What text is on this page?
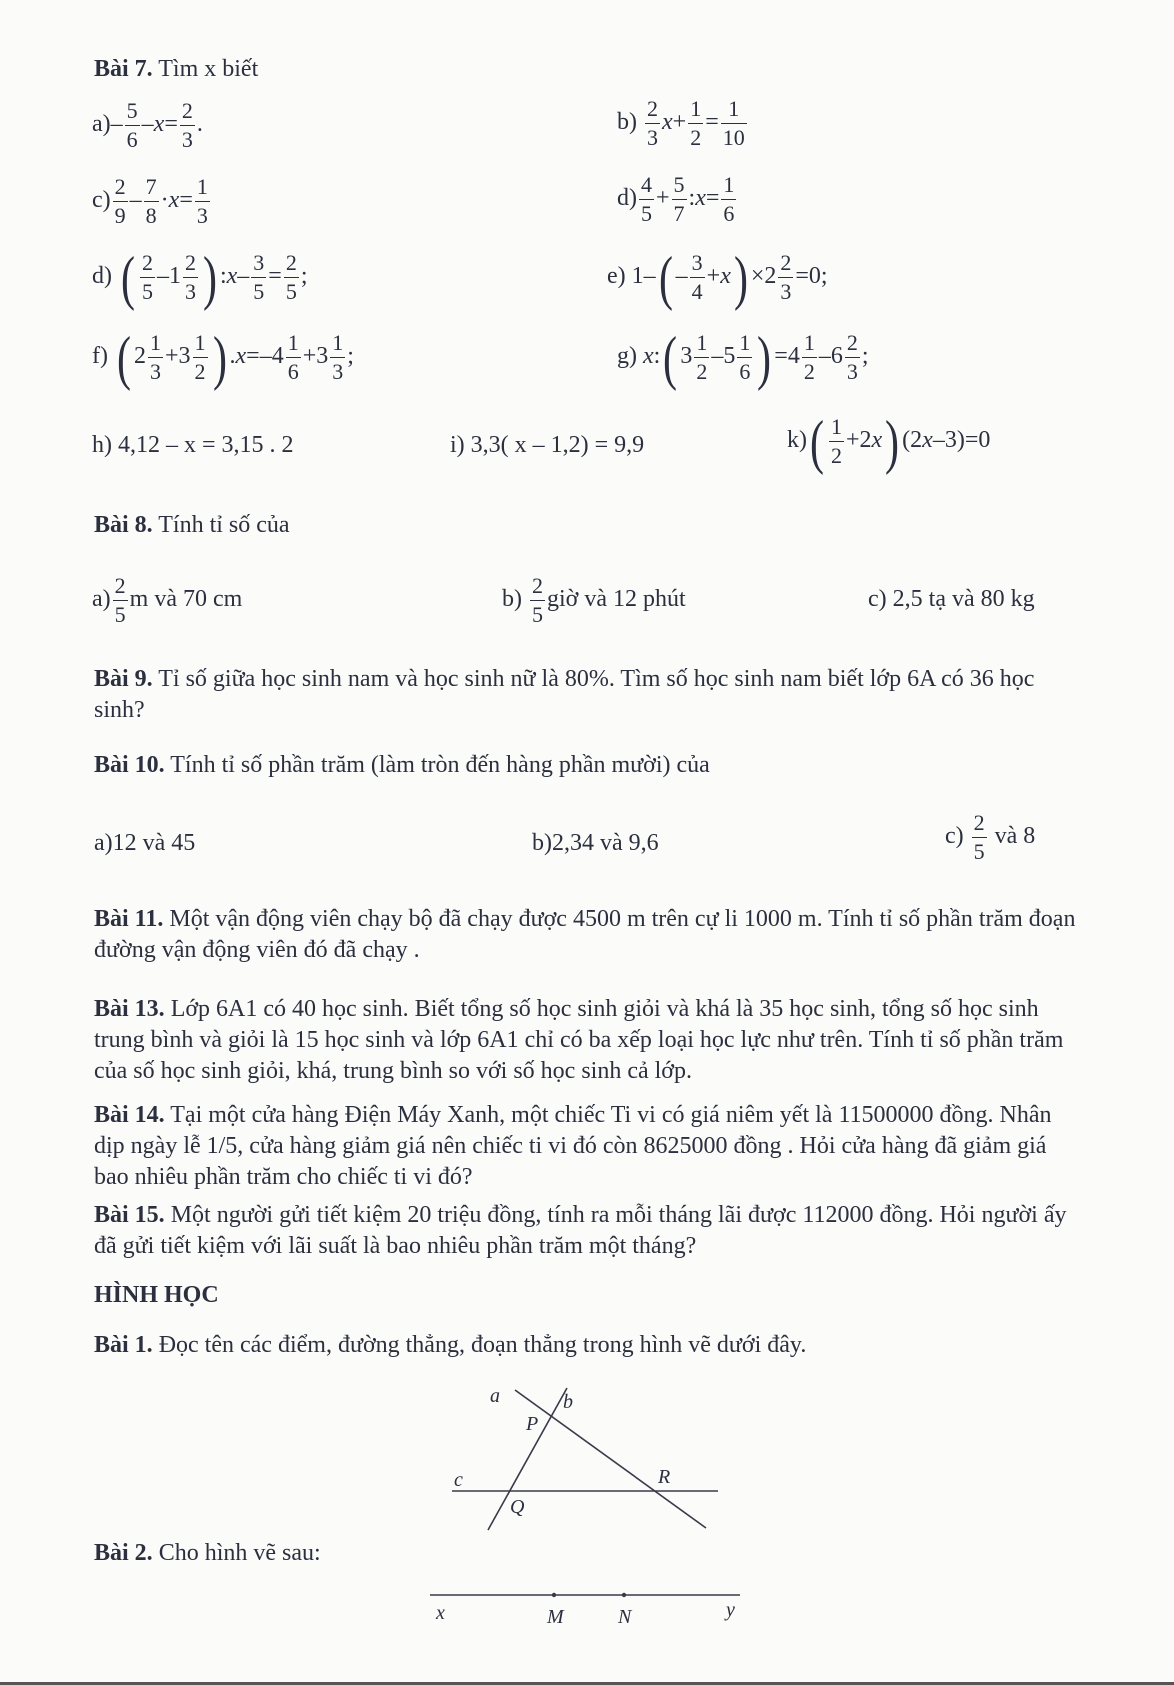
Bài 7. Tìm x biết
$a)- \frac{5}{6} -x= \frac{2}{3}$ .	$b) \frac{2}{3} x+ \frac{1}{2} = \frac{1}{10}$
$c) \frac{2}{9} - \frac{7}{8} \cdot x= \frac{1}{3}$	$d) \frac{4}{5} + \frac{5}{7}$ :x= $\frac{1}{6}$
d) ( $\frac{2}{5} -1 \frac{2}{3}$ ) :x– $\frac{3}{5} = \frac{2}{5}$ ;	e) $1-( - \frac{3}{4} +x) \times 2 \frac{2}{3} =0$;
f) ( $2 \frac{1}{3} +3 \frac{1}{2}$ ) $.x=-4 \frac{1}{6} +3 \frac{1}{3}$ ;	g) x:( $3 \frac{1}{2} -5 \frac{1}{6}$ ) $=4 \frac{1}{2} -6 \frac{2}{3}$ ;
h) 4,12 – x = 3,15 . 2	i) 3,3( x – 1,2) = 9,9	$k)( \frac{1}{2} +2x)$ (2x–3)=0
Bài 8. Tính tỉ số của
$a) \frac{2}{5}$ m và 70 cm	$b) \frac{2}{5}$ giờ và 12 phút	c) 2,5 tạ và 80 kg
Bài 9. Tỉ số giữa học sinh nam và học sinh nữ là 80%. Tìm số học sinh nam biết lớp 6A có 36 học sinh?
Bài 10. Tính tỉ số phần trăm (làm tròn đến hàng phần mười) của
a)12 và 45	b)2,34 và 9,6	$c) \frac{2}{5}$ và 8
Bài 11. Một vận động viên chạy bộ đã chạy được 4500 m trên cự li 1000 m. Tính tỉ số phần trăm đoạn đường vận động viên đó đã chạy .
Bài 13. Lớp 6A1 có 40 học sinh. Biết tổng số học sinh giỏi và khá là 35 học sinh, tổng số học sinh trung bình và giỏi là 15 học sinh và lớp 6A1 chỉ có ba xếp loại học lực như trên. Tính tỉ số phần trăm của số học sinh giỏi, khá, trung bình so với số học sinh cả lớp.
Bài 14. Tại một cửa hàng Điện Máy Xanh, một chiếc Ti vi có giá niêm yết là 11500000 đồng. Nhân dịp ngày lễ 1/5, cửa hàng giảm giá nên chiếc ti vi đó còn 8625000 đồng . Hỏi cửa hàng đã giảm giá bao nhiêu phần trăm cho chiếc ti vi đó?
Bài 15. Một người gửi tiết kiệm 20 triệu đồng, tính ra mỗi tháng lãi được 112000 đồng. Hỏi người ấy đã gửi tiết kiệm với lãi suất là bao nhiêu phần trăm một tháng?
HÌNH HỌC
Bài 1. Đọc tên các điểm, đường thẳng, đoạn thẳng trong hình vẽ dưới đây.
a	b
c
P
Q
R
Bài 2. Cho hình vẽ sau:
x	M	N	y
